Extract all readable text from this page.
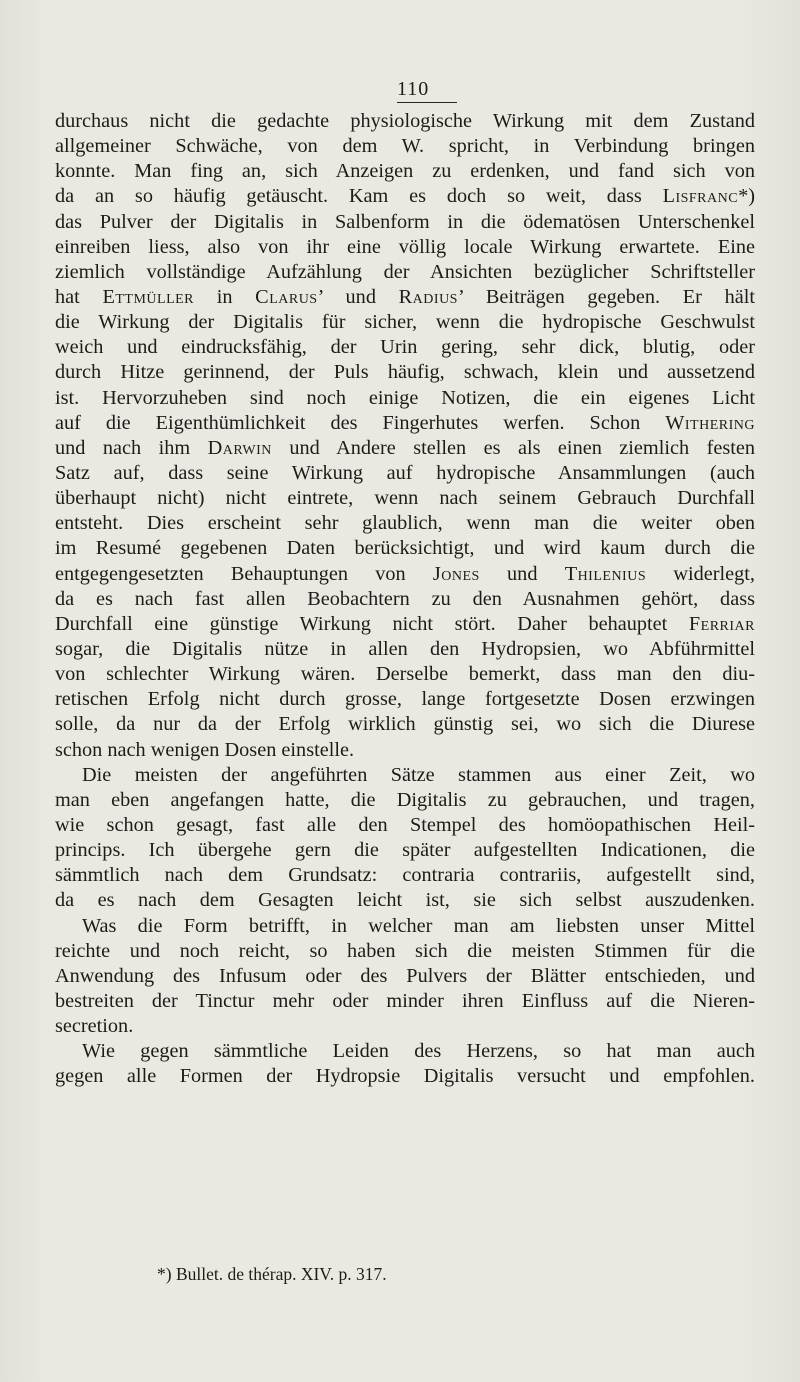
110
durchaus nicht die gedachte physiologische Wirkung mit dem Zustand
allgemeiner Schwäche, von dem W. spricht, in Verbindung bringen
konnte. Man fing an, sich Anzeigen zu erdenken, und fand sich von
da an so häufig getäuscht. Kam es doch so weit, dass Lisfranc*)
das Pulver der Digitalis in Salbenform in die ödematösen Unterschenkel
einreiben liess, also von ihr eine völlig locale Wirkung erwartete. Eine
ziemlich vollständige Aufzählung der Ansichten bezüglicher Schriftsteller
hat Ettmüller in Clarus’ und Radius’ Beiträgen gegeben. Er hält
die Wirkung der Digitalis für sicher, wenn die hydropische Geschwulst
weich und eindrucksfähig, der Urin gering, sehr dick, blutig, oder
durch Hitze gerinnend, der Puls häufig, schwach, klein und aussetzend
ist. Hervorzuheben sind noch einige Notizen, die ein eigenes Licht
auf die Eigenthümlichkeit des Fingerhutes werfen. Schon Withering
und nach ihm Darwin und Andere stellen es als einen ziemlich festen
Satz auf, dass seine Wirkung auf hydropische Ansammlungen (auch
überhaupt nicht) nicht eintrete, wenn nach seinem Gebrauch Durchfall
entsteht. Dies erscheint sehr glaublich, wenn man die weiter oben
im Resumé gegebenen Daten berücksichtigt, und wird kaum durch die
entgegengesetzten Behauptungen von Jones und Thilenius widerlegt,
da es nach fast allen Beobachtern zu den Ausnahmen gehört, dass
Durchfall eine günstige Wirkung nicht stört. Daher behauptet Ferriar
sogar, die Digitalis nütze in allen den Hydropsien, wo Abführmittel
von schlechter Wirkung wären. Derselbe bemerkt, dass man den diu-
retischen Erfolg nicht durch grosse, lange fortgesetzte Dosen erzwingen
solle, da nur da der Erfolg wirklich günstig sei, wo sich die Diurese
schon nach wenigen Dosen einstelle.
Die meisten der angeführten Sätze stammen aus einer Zeit, wo
man eben angefangen hatte, die Digitalis zu gebrauchen, und tragen,
wie schon gesagt, fast alle den Stempel des homöopathischen Heil-
princips. Ich übergehe gern die später aufgestellten Indicationen, die
sämmtlich nach dem Grundsatz: contraria contrariis, aufgestellt sind,
da es nach dem Gesagten leicht ist, sie sich selbst auszudenken.
Was die Form betrifft, in welcher man am liebsten unser Mittel
reichte und noch reicht, so haben sich die meisten Stimmen für die
Anwendung des Infusum oder des Pulvers der Blätter entschieden, und
bestreiten der Tinctur mehr oder minder ihren Einfluss auf die Nieren-
secretion.
Wie gegen sämmtliche Leiden des Herzens, so hat man auch
gegen alle Formen der Hydropsie Digitalis versucht und empfohlen.
*) Bullet. de thérap. XIV. p. 317.
